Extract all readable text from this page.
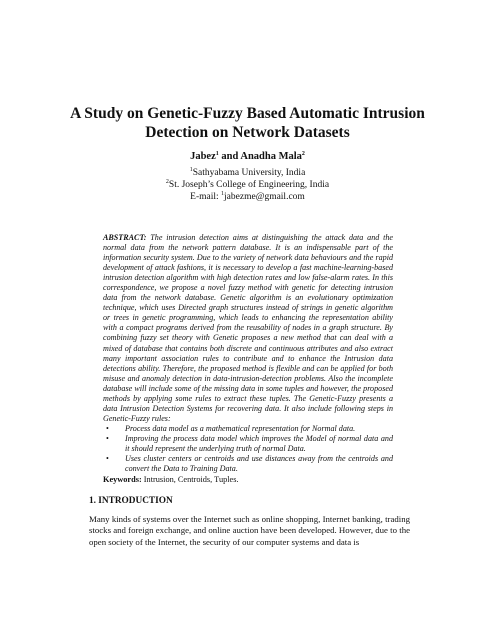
A Study on Genetic-Fuzzy Based Automatic Intrusion Detection on Network Datasets
Jabez$^1$ and Anadha Mala$^2$
$^1$Sathyabama University, India
$^2$St. Joseph’s College of Engineering, India
E-mail: $^1$jabezme@gmail.com
ABSTRACT: The intrusion detection aims at distinguishing the attack data and the normal data from the network pattern database. It is an indispensable part of the information security system. Due to the variety of network data behaviours and the rapid development of attack fashions, it is necessary to develop a fast machine-learning-based intrusion detection algorithm with high detection rates and low false-alarm rates. In this correspondence, we propose a novel fuzzy method with genetic for detecting intrusion data from the network database. Genetic algorithm is an evolutionary optimization technique, which uses Directed graph structures instead of strings in genetic algorithm or trees in genetic programming, which leads to enhancing the representation ability with a compact programs derived from the reusability of nodes in a graph structure. By combining fuzzy set theory with Genetic proposes a new method that can deal with a mixed of database that contains both discrete and continuous attributes and also extract many important association rules to contribute and to enhance the Intrusion data detections ability. Therefore, the proposed method is flexible and can be applied for both misuse and anomaly detection in data-intrusion-detection problems. Also the incomplete database will include some of the missing data in some tuples and however, the proposed methods by applying some rules to extract these tuples. The Genetic-Fuzzy presents a data Intrusion Detection Systems for recovering data. It also include following steps in Genetic-Fuzzy rules:
• Process data model as a mathematical representation for Normal data.
• Improving the process data model which improves the Model of normal data and it should represent the underlying truth of normal Data.
• Uses cluster centers or centroids and use distances away from the centroids and convert the Data to Training Data.
Keywords: Intrusion, Centroids, Tuples.
1. INTRODUCTION
Many kinds of systems over the Internet such as online shopping, Internet banking, trading stocks and foreign exchange, and online auction have been developed. However, due to the open society of the Internet, the security of our computer systems and data is
